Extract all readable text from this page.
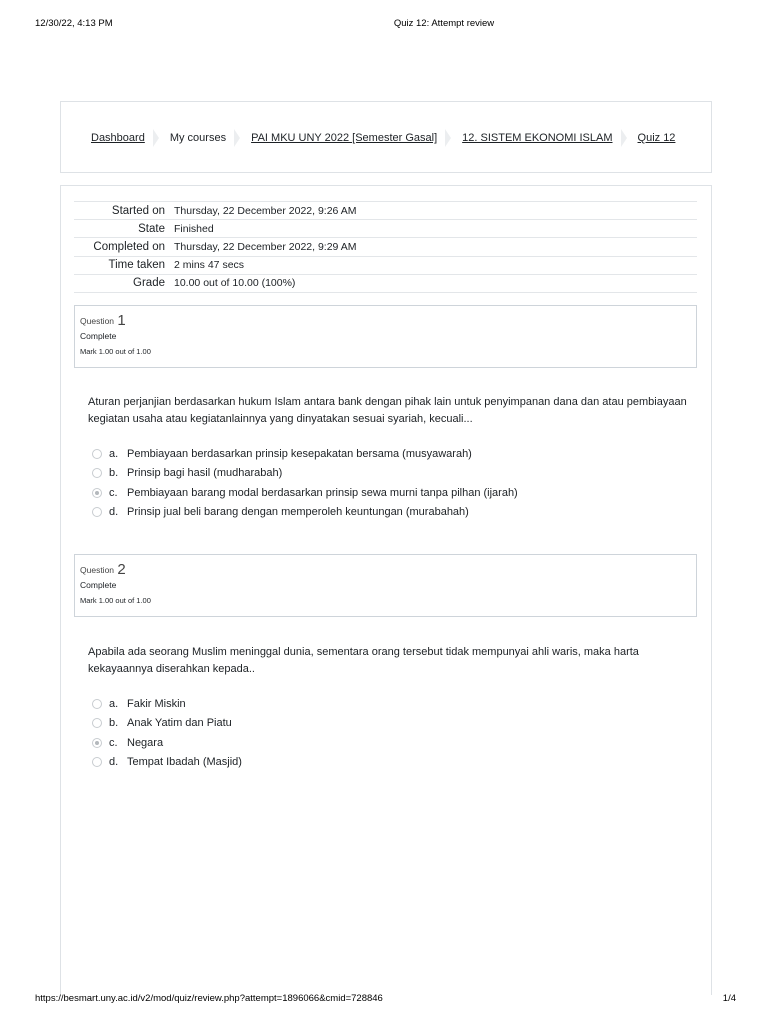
12/30/22, 4:13 PM	Quiz 12: Attempt review
Dashboard My courses PAI MKU UNY 2022 [Semester Gasal] 12. SISTEM EKONOMI ISLAM Quiz 12
Started on	Thursday, 22 December 2022, 9:26 AM
State	Finished
Completed on	Thursday, 22 December 2022, 9:29 AM
Time taken	2 mins 47 secs
Grade	10.00 out of 10.00 (100%)
Question 1
Complete
Mark 1.00 out of 1.00
Aturan perjanjian berdasarkan hukum Islam antara bank dengan pihak lain untuk penyimpanan dana dan atau pembiayaan kegiatan usaha atau kegiatanlainnya yang dinyatakan sesuai syariah, kecuali...
a. Pembiayaan berdasarkan prinsip kesepakatan bersama (musyawarah)
b. Prinsip bagi hasil (mudharabah)
c. Pembiayaan barang modal berdasarkan prinsip sewa murni tanpa pilhan (ijarah)
d. Prinsip jual beli barang dengan memperoleh keuntungan (murabahah)
Question 2
Complete
Mark 1.00 out of 1.00
Apabila ada seorang Muslim meninggal dunia, sementara orang tersebut tidak mempunyai ahli waris, maka harta kekayaannya diserahkan kepada..
a. Fakir Miskin
b. Anak Yatim dan Piatu
c. Negara
d. Tempat Ibadah (Masjid)
https://besmart.uny.ac.id/v2/mod/quiz/review.php?attempt=1896066&cmid=728846	1/4
